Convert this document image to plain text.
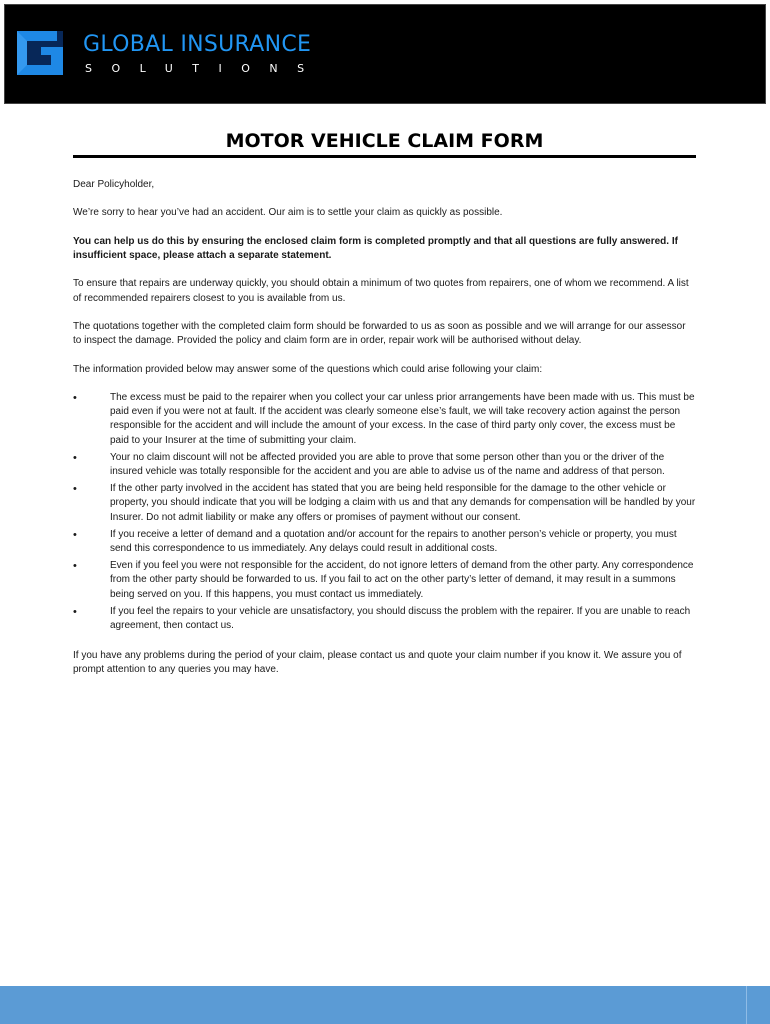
GLOBAL INSURANCE
SOLUTIONS
MOTOR VEHICLE CLAIM FORM

Dear Policyholder,

We’re sorry to hear you’ve had an accident. Our aim is to settle your claim as quickly as possible.

You can help us do this by ensuring the enclosed claim form is completed promptly and that all questions are fully answered. If insufficient space, please attach a separate statement.

To ensure that repairs are underway quickly, you should obtain a minimum of two quotes from repairers, one of whom we recommend. A list of recommended repairers closest to you is available from us.

The quotations together with the completed claim form should be forwarded to us as soon as possible and we will arrange for our assessor to inspect the damage. Provided the policy and claim form are in order, repair work will be authorised without delay.

The information provided below may answer some of the questions which could arise following your claim:

•	The excess must be paid to the repairer when you collect your car unless prior arrangements have been made with us. This must be paid even if you were not at fault. If the accident was clearly someone else’s fault, we will take recovery action against the person responsible for the accident and will include the amount of your excess. In the case of third party only cover, the excess must be paid to your Insurer at the time of submitting your claim.
•	Your no claim discount will not be affected provided you are able to prove that some person other than you or the driver of the insured vehicle was totally responsible for the accident and you are able to advise us of the name and address of that person.
•	If the other party involved in the accident has stated that you are being held responsible for the damage to the other vehicle or property, you should indicate that you will be lodging a claim with us and that any demands for compensation will be handled by your Insurer. Do not admit liability or make any offers or promises of payment without our consent.
•	If you receive a letter of demand and a quotation and/or account for the repairs to another person’s vehicle or property, you must send this correspondence to us immediately. Any delays could result in additional costs.
•	Even if you feel you were not responsible for the accident, do not ignore letters of demand from the other party. Any correspondence from the other party should be forwarded to us. If you fail to act on the other party’s letter of demand, it may result in a summons being served on you. If this happens, you must contact us immediately.
•	If you feel the repairs to your vehicle are unsatisfactory, you should discuss the problem with the repairer. If you are unable to reach agreement, then contact us.

If you have any problems during the period of your claim, please contact us and quote your claim number if you know it. We assure you of prompt attention to any queries you may have.
